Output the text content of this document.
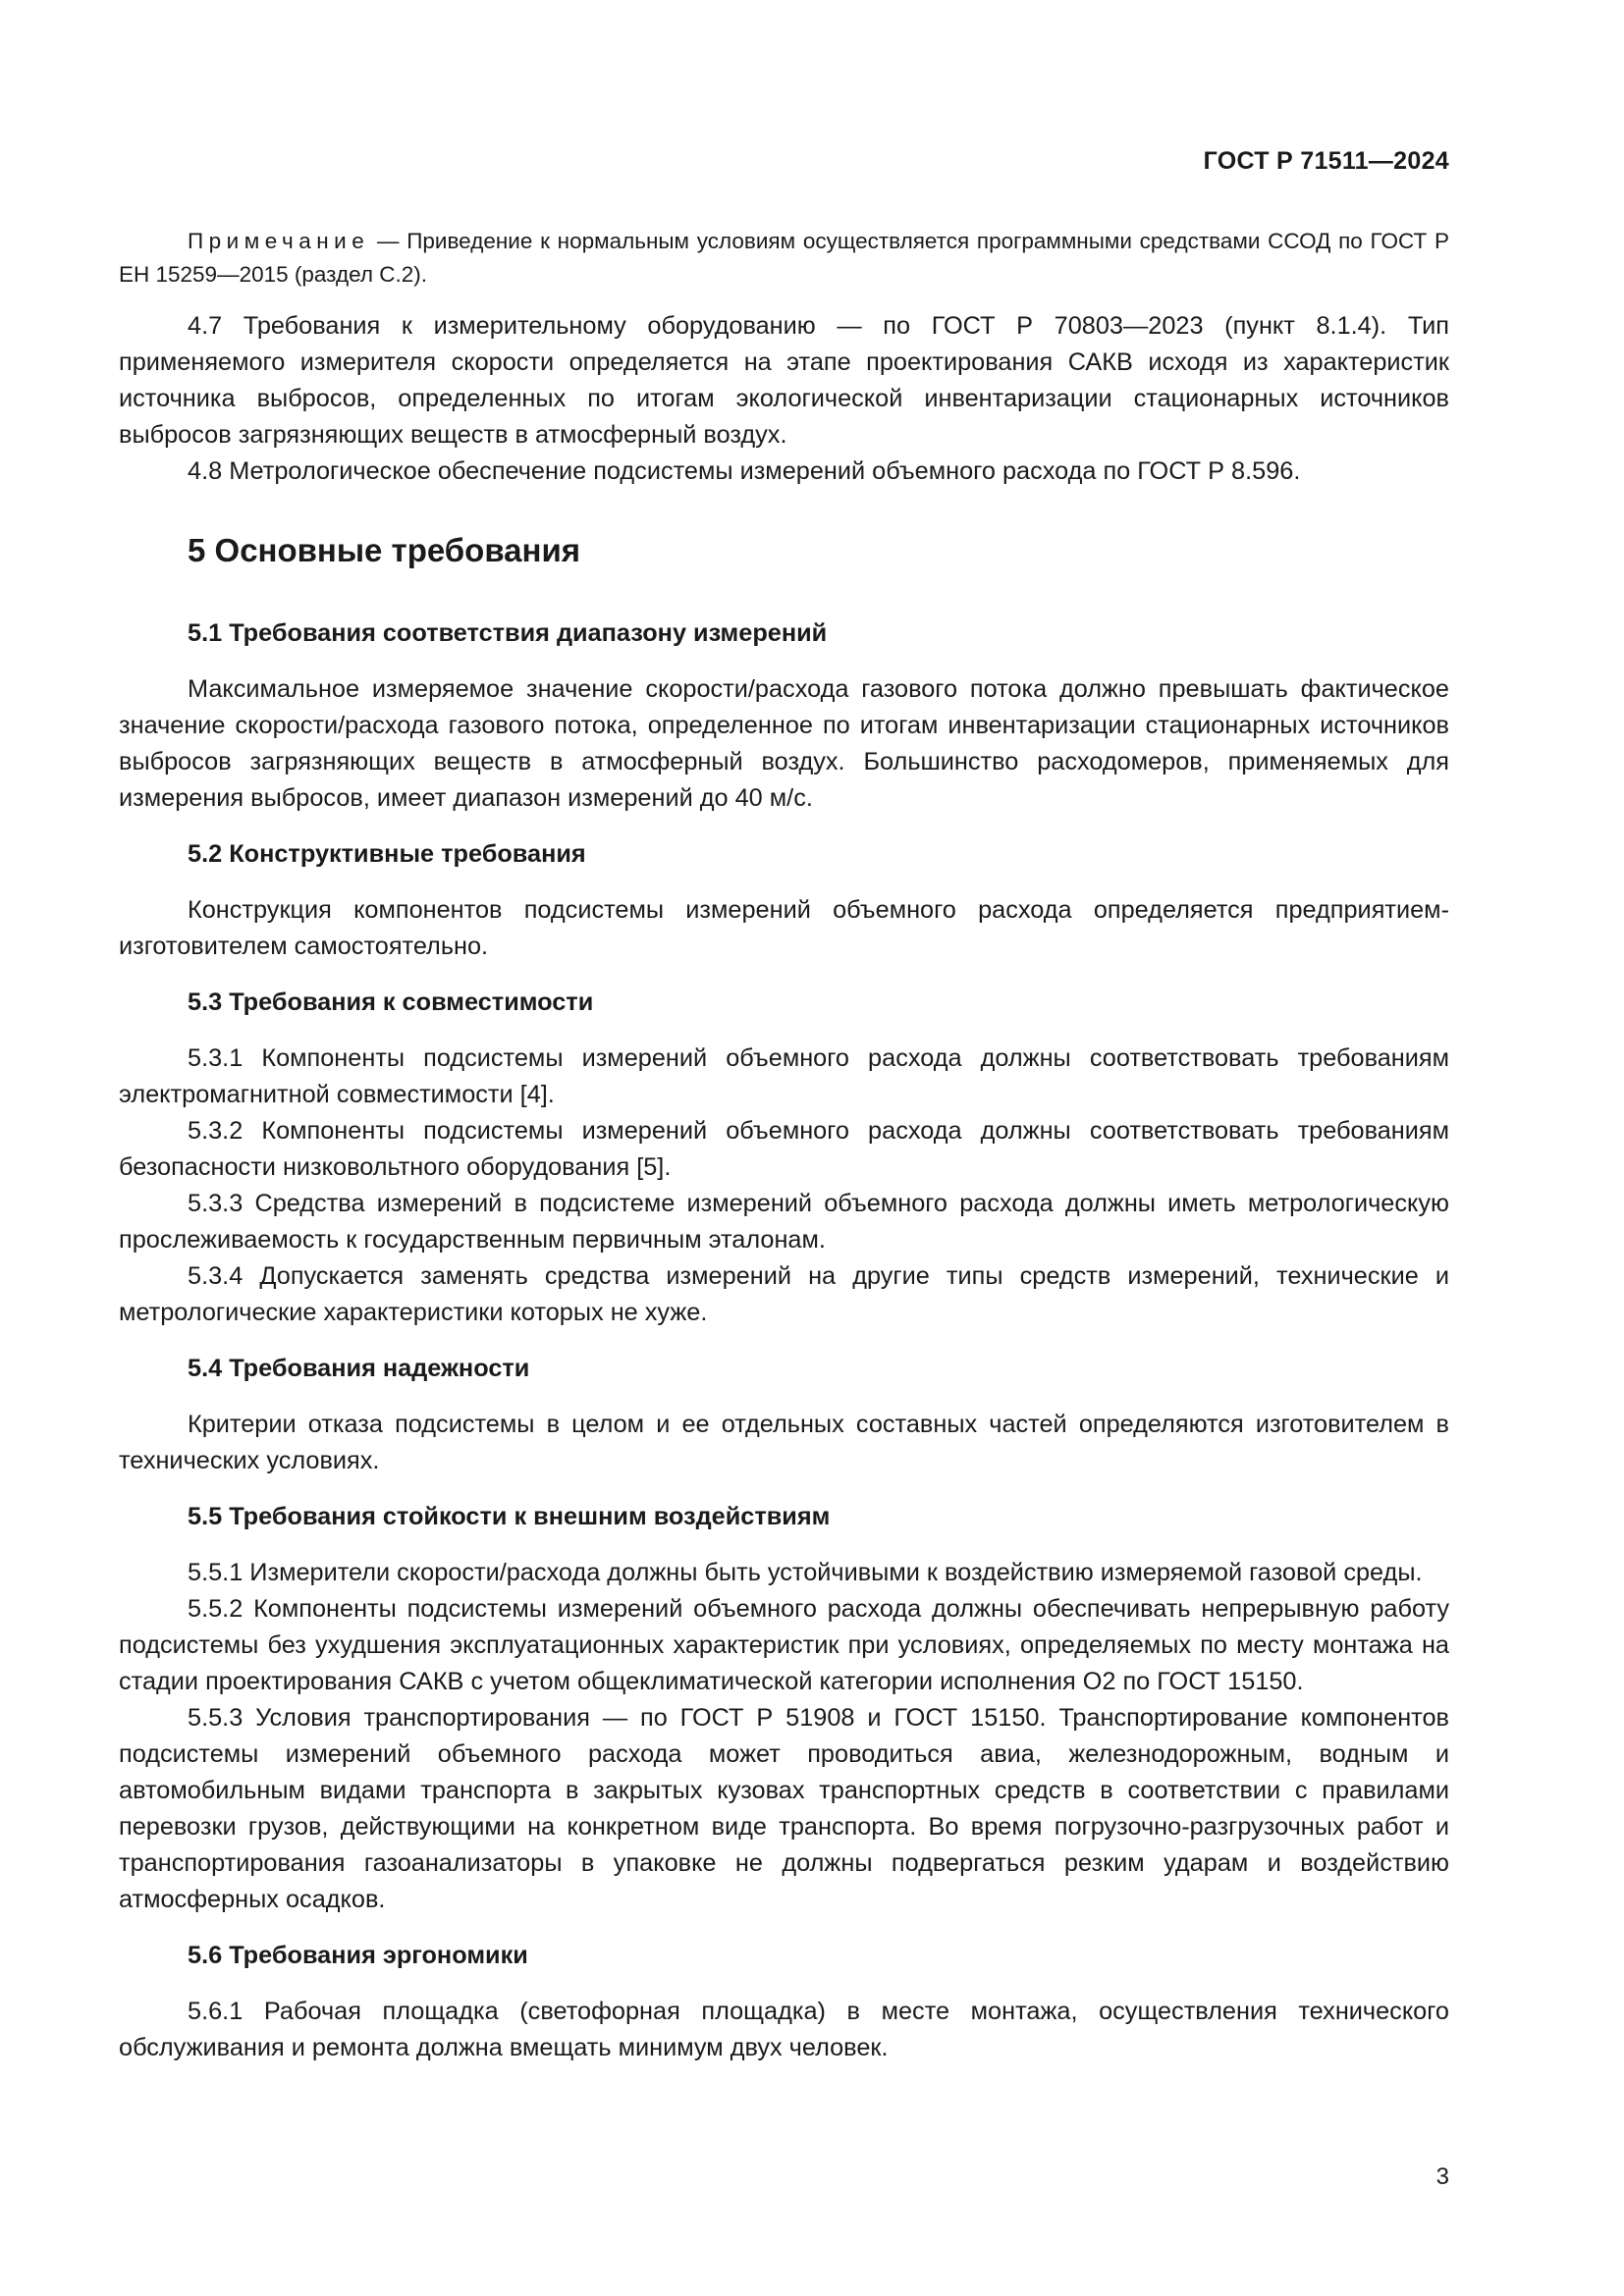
ГОСТ Р 71511—2024

Примечание — Приведение к нормальным условиям осуществляется программными средствами ССОД по ГОСТ Р ЕН 15259—2015 (раздел С.2).

4.7 Требования к измерительному оборудованию — по ГОСТ Р 70803—2023 (пункт 8.1.4). Тип применяемого измерителя скорости определяется на этапе проектирования САКВ исходя из характеристик источника выбросов, определенных по итогам экологической инвентаризации стационарных источников выбросов загрязняющих веществ в атмосферный воздух.

4.8 Метрологическое обеспечение подсистемы измерений объемного расхода по ГОСТ Р 8.596.

5 Основные требования
5.1 Требования соответствия диапазону измерений

Максимальное измеряемое значение скорости/расхода газового потока должно превышать фактическое значение скорости/расхода газового потока, определенное по итогам инвентаризации стационарных источников выбросов загрязняющих веществ в атмосферный воздух. Большинство расходомеров, применяемых для измерения выбросов, имеет диапазон измерений до 40 м/с.

5.2 Конструктивные требования

Конструкция компонентов подсистемы измерений объемного расхода определяется предприятием-изготовителем самостоятельно.

5.3 Требования к совместимости

5.3.1 Компоненты подсистемы измерений объемного расхода должны соответствовать требованиям электромагнитной совместимости [4].

5.3.2 Компоненты подсистемы измерений объемного расхода должны соответствовать требованиям безопасности низковольтного оборудования [5].

5.3.3 Средства измерений в подсистеме измерений объемного расхода должны иметь метрологическую прослеживаемость к государственным первичным эталонам.

5.3.4 Допускается заменять средства измерений на другие типы средств измерений, технические и метрологические характеристики которых не хуже.

5.4 Требования надежности

Критерии отказа подсистемы в целом и ее отдельных составных частей определяются изготовителем в технических условиях.

5.5 Требования стойкости к внешним воздействиям

5.5.1 Измерители скорости/расхода должны быть устойчивыми к воздействию измеряемой газовой среды.

5.5.2 Компоненты подсистемы измерений объемного расхода должны обеспечивать непрерывную работу подсистемы без ухудшения эксплуатационных характеристик при условиях, определяемых по месту монтажа на стадии проектирования САКВ с учетом общеклиматической категории исполнения О2 по ГОСТ 15150.

5.5.3 Условия транспортирования — по ГОСТ Р 51908 и ГОСТ 15150. Транспортирование компонентов подсистемы измерений объемного расхода может проводиться авиа, железнодорожным, водным и автомобильным видами транспорта в закрытых кузовах транспортных средств в соответствии с правилами перевозки грузов, действующими на конкретном виде транспорта. Во время погрузочно-разгрузочных работ и транспортирования газоанализаторы в упаковке не должны подвергаться резким ударам и воздействию атмосферных осадков.

5.6 Требования эргономики

5.6.1 Рабочая площадка (светофорная площадка) в месте монтажа, осуществления технического обслуживания и ремонта должна вмещать минимум двух человек.

3
